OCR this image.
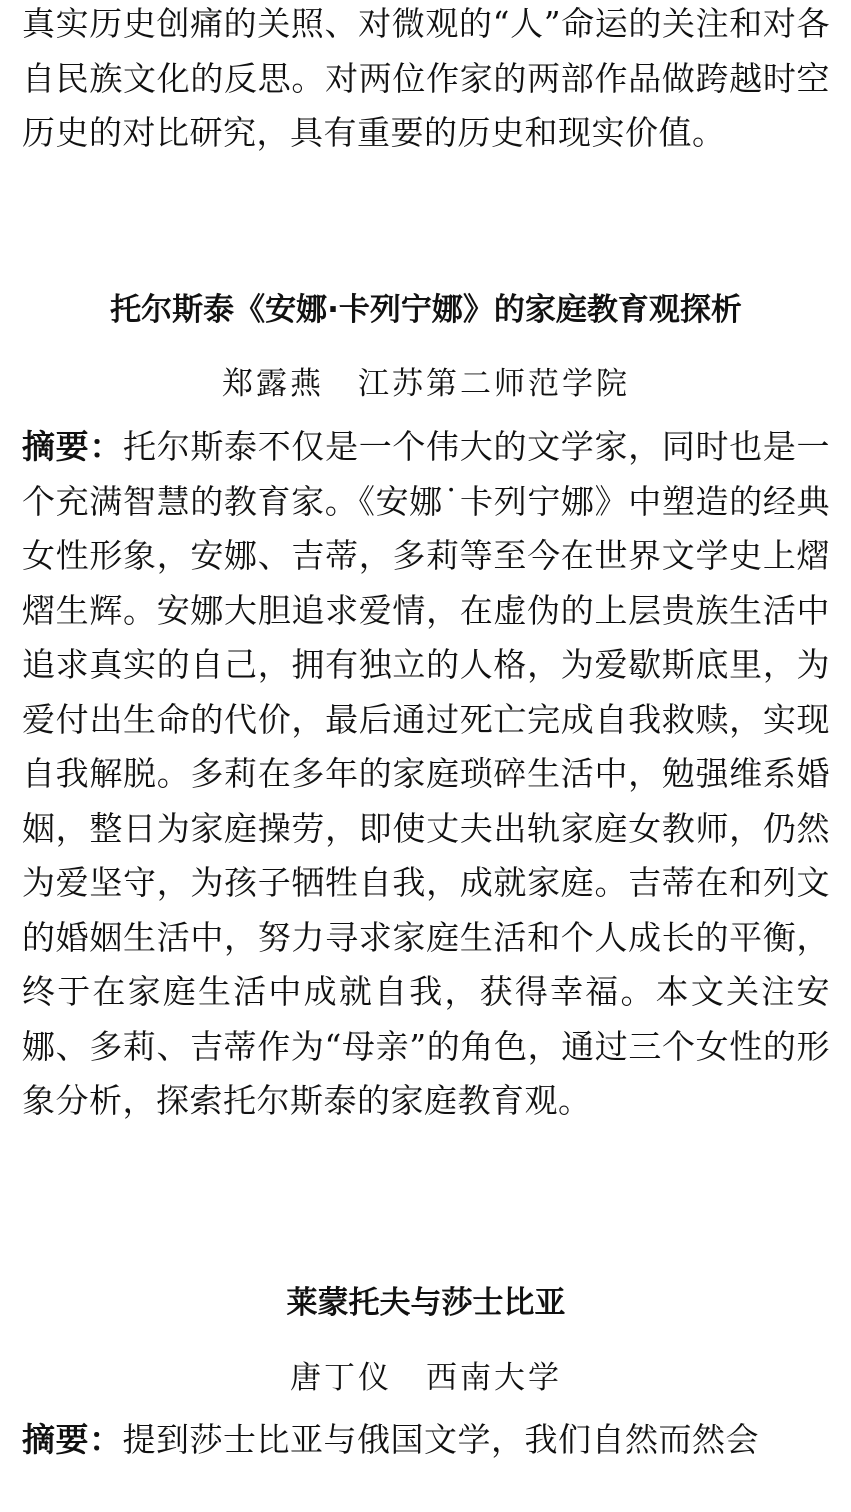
真实历史创痛的关照、对微观的“人”命运的关注和对各自民族文化的反思。对两位作家的两部作品做跨越时空历史的对比研究，具有重要的历史和现实价值。

托尔斯泰《安娜·卡列宁娜》的家庭教育观探析

郑露燕　江苏第二师范学院

摘要：托尔斯泰不仅是一个伟大的文学家，同时也是一个充满智慧的教育家。《安娜˙卡列宁娜》中塑造的经典女性形象，安娜、吉蒂，多莉等至今在世界文学史上熠熠生辉。安娜大胆追求爱情，在虚伪的上层贵族生活中追求真实的自己，拥有独立的人格，为爱歇斯底里，为爱付出生命的代价，最后通过死亡完成自我救赎，实现自我解脱。多莉在多年的家庭琐碎生活中，勉强维系婚姻，整日为家庭操劳，即使丈夫出轨家庭女教师，仍然为爱坚守，为孩子牺牲自我，成就家庭。吉蒂在和列文的婚姻生活中，努力寻求家庭生活和个人成长的平衡，终于在家庭生活中成就自我，获得幸福。本文关注安娜、多莉、吉蒂作为“母亲”的角色，通过三个女性的形象分析，探索托尔斯泰的家庭教育观。

莱蒙托夫与莎士比亚

唐丁仪　西南大学

摘要：提到莎士比亚与俄国文学，我们自然而然会
